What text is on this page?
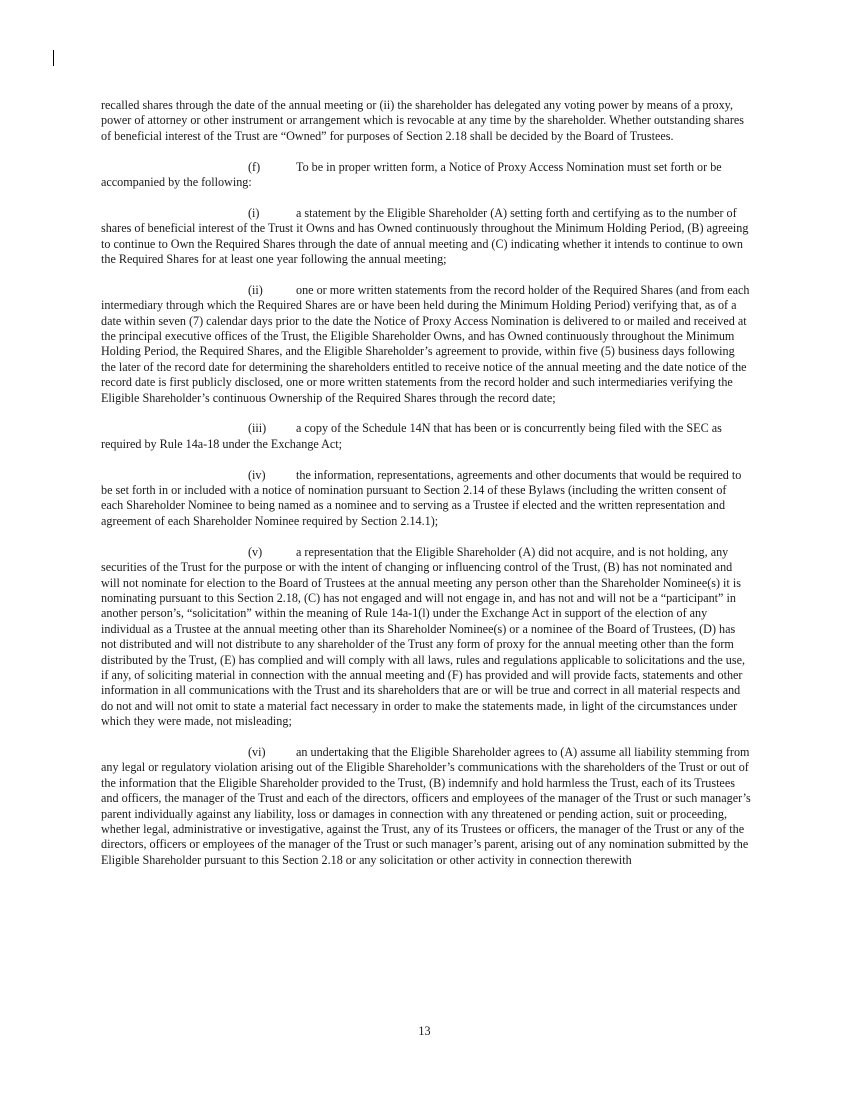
recalled shares through the date of the annual meeting or (ii) the shareholder has delegated any voting power by means of a proxy, power of attorney or other instrument or arrangement which is revocable at any time by the shareholder. Whether outstanding shares of beneficial interest of the Trust are “Owned” for purposes of Section 2.18 shall be decided by the Board of Trustees.

(f)	To be in proper written form, a Notice of Proxy Access Nomination must set forth or be accompanied by the following:

(i)	a statement by the Eligible Shareholder (A) setting forth and certifying as to the number of shares of beneficial interest of the Trust it Owns and has Owned continuously throughout the Minimum Holding Period, (B) agreeing to continue to Own the Required Shares through the date of annual meeting and (C) indicating whether it intends to continue to own the Required Shares for at least one year following the annual meeting;

(ii)	one or more written statements from the record holder of the Required Shares (and from each intermediary through which the Required Shares are or have been held during the Minimum Holding Period) verifying that, as of a date within seven (7) calendar days prior to the date the Notice of Proxy Access Nomination is delivered to or mailed and received at the principal executive offices of the Trust, the Eligible Shareholder Owns, and has Owned continuously throughout the Minimum Holding Period, the Required Shares, and the Eligible Shareholder’s agreement to provide, within five (5) business days following the later of the record date for determining the shareholders entitled to receive notice of the annual meeting and the date notice of the record date is first publicly disclosed, one or more written statements from the record holder and such intermediaries verifying the Eligible Shareholder’s continuous Ownership of the Required Shares through the record date;

(iii) a copy of the Schedule 14N that has been or is concurrently being filed with the SEC as required by Rule 14a-18 under the Exchange Act;

(iv)	the information, representations, agreements and other documents that would be required to be set forth in or included with a notice of nomination pursuant to Section 2.14 of these Bylaws (including the written consent of each Shareholder Nominee to being named as a nominee and to serving as a Trustee if elected and the written representation and agreement of each Shareholder Nominee required by Section 2.14.1);

(v)	a representation that the Eligible Shareholder (A) did not acquire, and is not holding, any securities of the Trust for the purpose or with the intent of changing or influencing control of the Trust, (B) has not nominated and will not nominate for election to the Board of Trustees at the annual meeting any person other than the Shareholder Nominee(s) it is nominating pursuant to this Section 2.18, (C) has not engaged and will not engage in, and has not and will not be a “participant” in another person’s, “solicitation” within the meaning of Rule 14a-1(l) under the Exchange Act in support of the election of any individual as a Trustee at the annual meeting other than its Shareholder Nominee(s) or a nominee of the Board of Trustees, (D) has not distributed and will not distribute to any shareholder of the Trust any form of proxy for the annual meeting other than the form distributed by the Trust, (E) has complied and will comply with all laws, rules and regulations applicable to solicitations and the use, if any, of soliciting material in connection with the annual meeting and (F) has provided and will provide facts, statements and other information in all communications with the Trust and its shareholders that are or will be true and correct in all material respects and do not and will not omit to state a material fact necessary in order to make the statements made, in light of the circumstances under which they were made, not misleading;

(vi)	an undertaking that the Eligible Shareholder agrees to (A) assume all liability stemming from any legal or regulatory violation arising out of the Eligible Shareholder’s communications with the shareholders of the Trust or out of the information that the Eligible Shareholder provided to the Trust, (B) indemnify and hold harmless the Trust, each of its Trustees and officers, the manager of the Trust and each of the directors, officers and employees of the manager of the Trust or such manager’s parent individually against any liability, loss or damages in connection with any threatened or pending action, suit or proceeding, whether legal, administrative or investigative, against the Trust, any of its Trustees or officers, the manager of the Trust or any of the directors, officers or employees of the manager of the Trust or such manager’s parent, arising out of any nomination submitted by the Eligible Shareholder pursuant to this Section 2.18 or any solicitation or other activity in connection therewith

13
